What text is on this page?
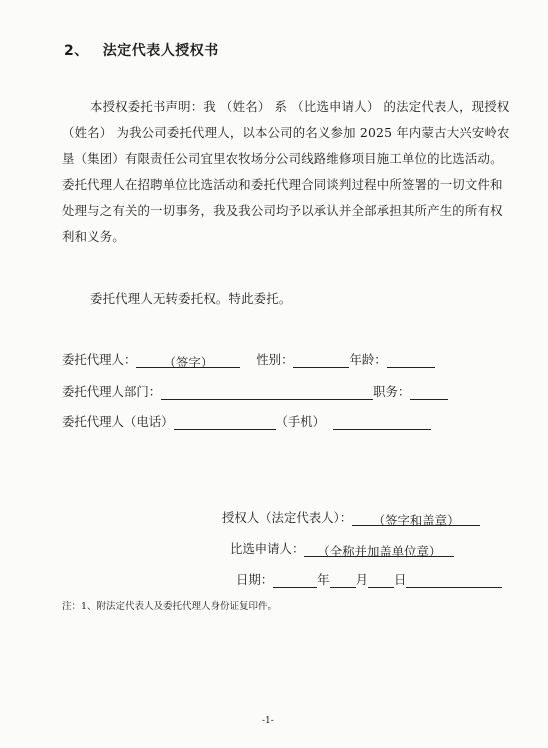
2、 法定代表人授权书
本授权委托书声明：我 （姓名） 系 （比选申请人） 的法定代表人，现授权 （姓名） 为我公司委托代理人，以本公司的名义参加 2025 年内蒙古大兴安岭农垦（集团）有限责任公司宜里农牧场分公司线路维修项目施工单位的比选活动。委托代理人在招聘单位比选活动和委托代理合同谈判过程中所签署的一切文件和处理与之有关的一切事务，我及我公司均予以承认并全部承担其所产生的所有权利和义务。
委托代理人无转委托权。特此委托。
委托代理人： （签字）	性别：	年龄：
委托代理人部门：	职务：
委托代理人（电话）	（手机）
授权人（法定代表人）： （签字和盖章）
比选申请人： （全称并加盖单位章）
日期：	年 月 日
注：1、附法定代表人及委托代理人身份证复印件。
-1-
